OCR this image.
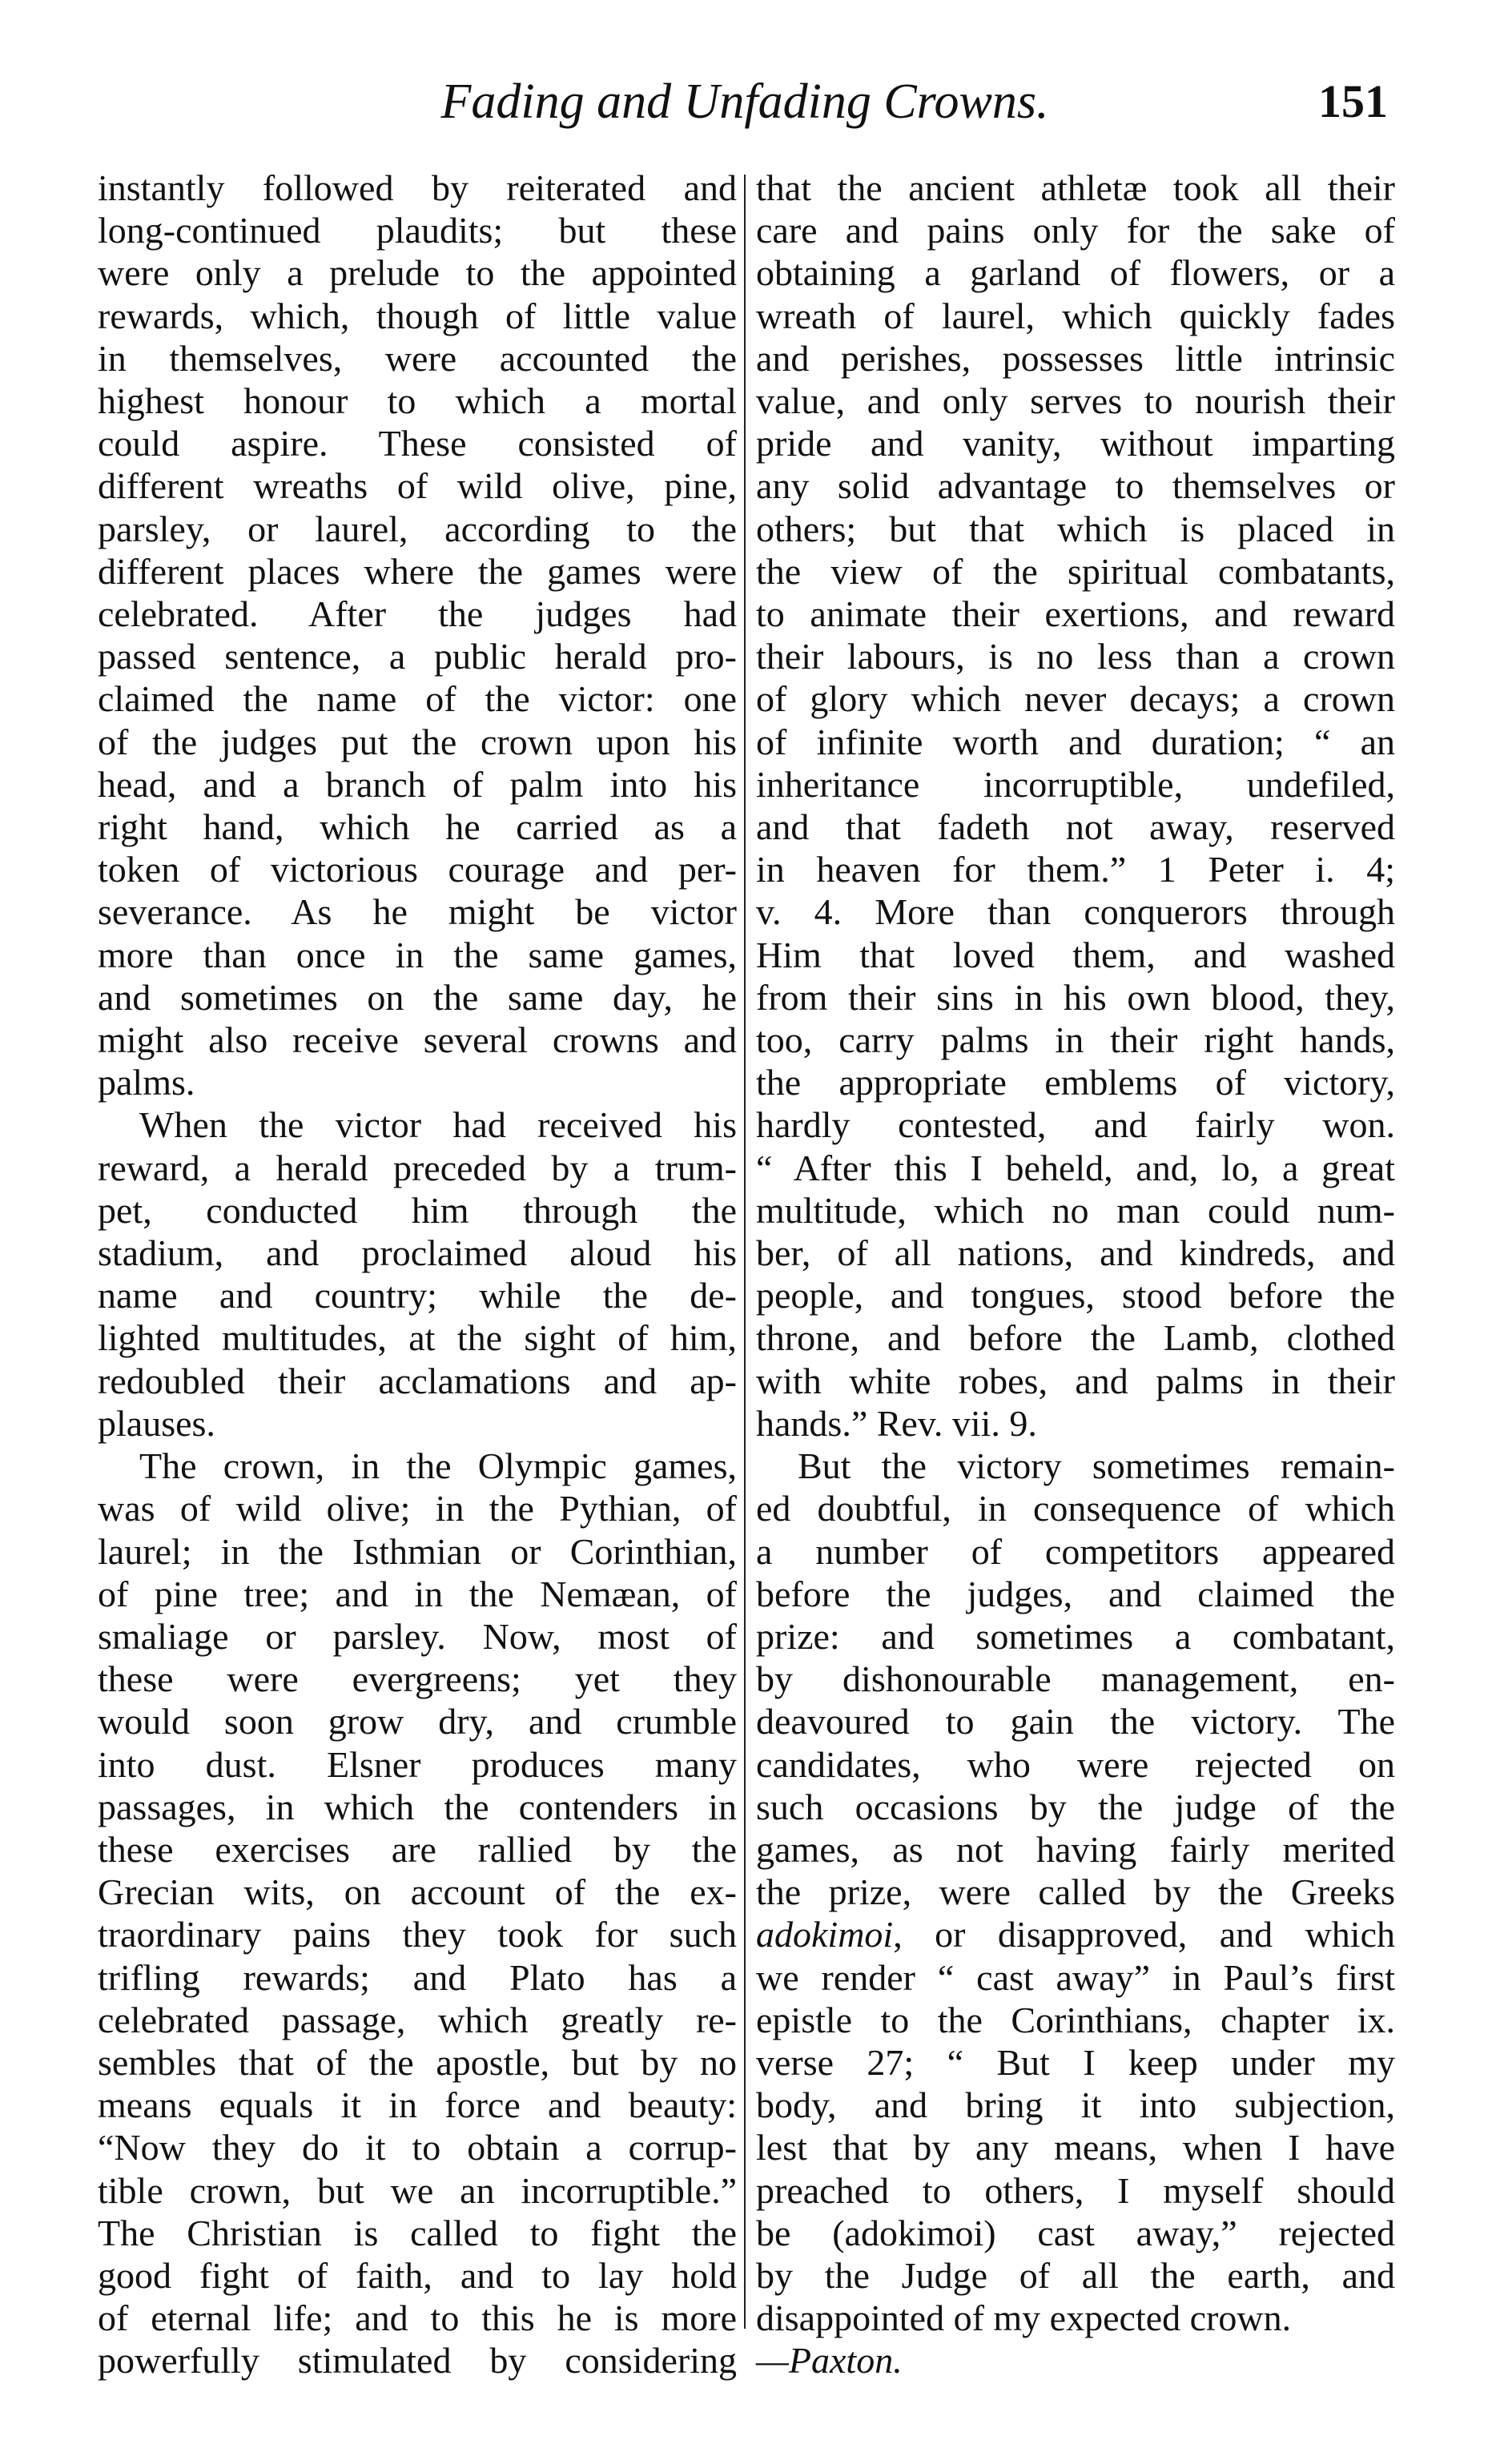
Fading and Unfading Crowns.	151

instantly followed by reiterated and
long-continued plaudits; but these
were only a prelude to the appointed
rewards, which, though of little value
in themselves, were accounted the
highest honour to which a mortal
could aspire. These consisted of
different wreaths of wild olive, pine,
parsley, or laurel, according to the
different places where the games were
celebrated. After the judges had
passed sentence, a public herald pro-
claimed the name of the victor: one
of the judges put the crown upon his
head, and a branch of palm into his
right hand, which he carried as a
token of victorious courage and per-
severance. As he might be victor
more than once in the same games,
and sometimes on the same day, he
might also receive several crowns and
palms.

When the victor had received his
reward, a herald preceded by a trum-
pet, conducted him through the
stadium, and proclaimed aloud his
name and country; while the de-
lighted multitudes, at the sight of him,
redoubled their acclamations and ap-
plauses.

The crown, in the Olympic games,
was of wild olive; in the Pythian, of
laurel; in the Isthmian or Corinthian,
of pine tree; and in the Nemæan, of
smaliage or parsley. Now, most of
these were evergreens; yet they
would soon grow dry, and crumble
into dust. Elsner produces many
passages, in which the contenders in
these exercises are rallied by the
Grecian wits, on account of the ex-
traordinary pains they took for such
trifling rewards; and Plato has a
celebrated passage, which greatly re-
sembles that of the apostle, but by no
means equals it in force and beauty:
“Now they do it to obtain a corrup-
tible crown, but we an incorruptible.”
The Christian is called to fight the
good fight of faith, and to lay hold
of eternal life; and to this he is more
powerfully stimulated by considering

that the ancient athletæ took all their
care and pains only for the sake of
obtaining a garland of flowers, or a
wreath of laurel, which quickly fades
and perishes, possesses little intrinsic
value, and only serves to nourish their
pride and vanity, without imparting
any solid advantage to themselves or
others; but that which is placed in
the view of the spiritual combatants,
to animate their exertions, and reward
their labours, is no less than a crown
of glory which never decays; a crown
of infinite worth and duration; “ an
inheritance incorruptible, undefiled,
and that fadeth not away, reserved
in heaven for them.” 1 Peter i. 4;
v. 4. More than conquerors through
Him that loved them, and washed
from their sins in his own blood, they,
too, carry palms in their right hands,
the appropriate emblems of victory,
hardly contested, and fairly won.
“ After this I beheld, and, lo, a great
multitude, which no man could num-
ber, of all nations, and kindreds, and
people, and tongues, stood before the
throne, and before the Lamb, clothed
with white robes, and palms in their
hands.” Rev. vii. 9.

But the victory sometimes remain-
ed doubtful, in consequence of which
a number of competitors appeared
before the judges, and claimed the
prize: and sometimes a combatant,
by dishonourable management, en-
deavoured to gain the victory. The
candidates, who were rejected on
such occasions by the judge of the
games, as not having fairly merited
the prize, were called by the Greeks
adokimoi, or disapproved, and which
we render “ cast away” in Paul’s first
epistle to the Corinthians, chapter ix.
verse 27; “ But I keep under my
body, and bring it into subjection,
lest that by any means, when I have
preached to others, I myself should
be (adokimoi) cast away,” rejected
by the Judge of all the earth, and
disappointed of my expected crown.
—Paxton.
